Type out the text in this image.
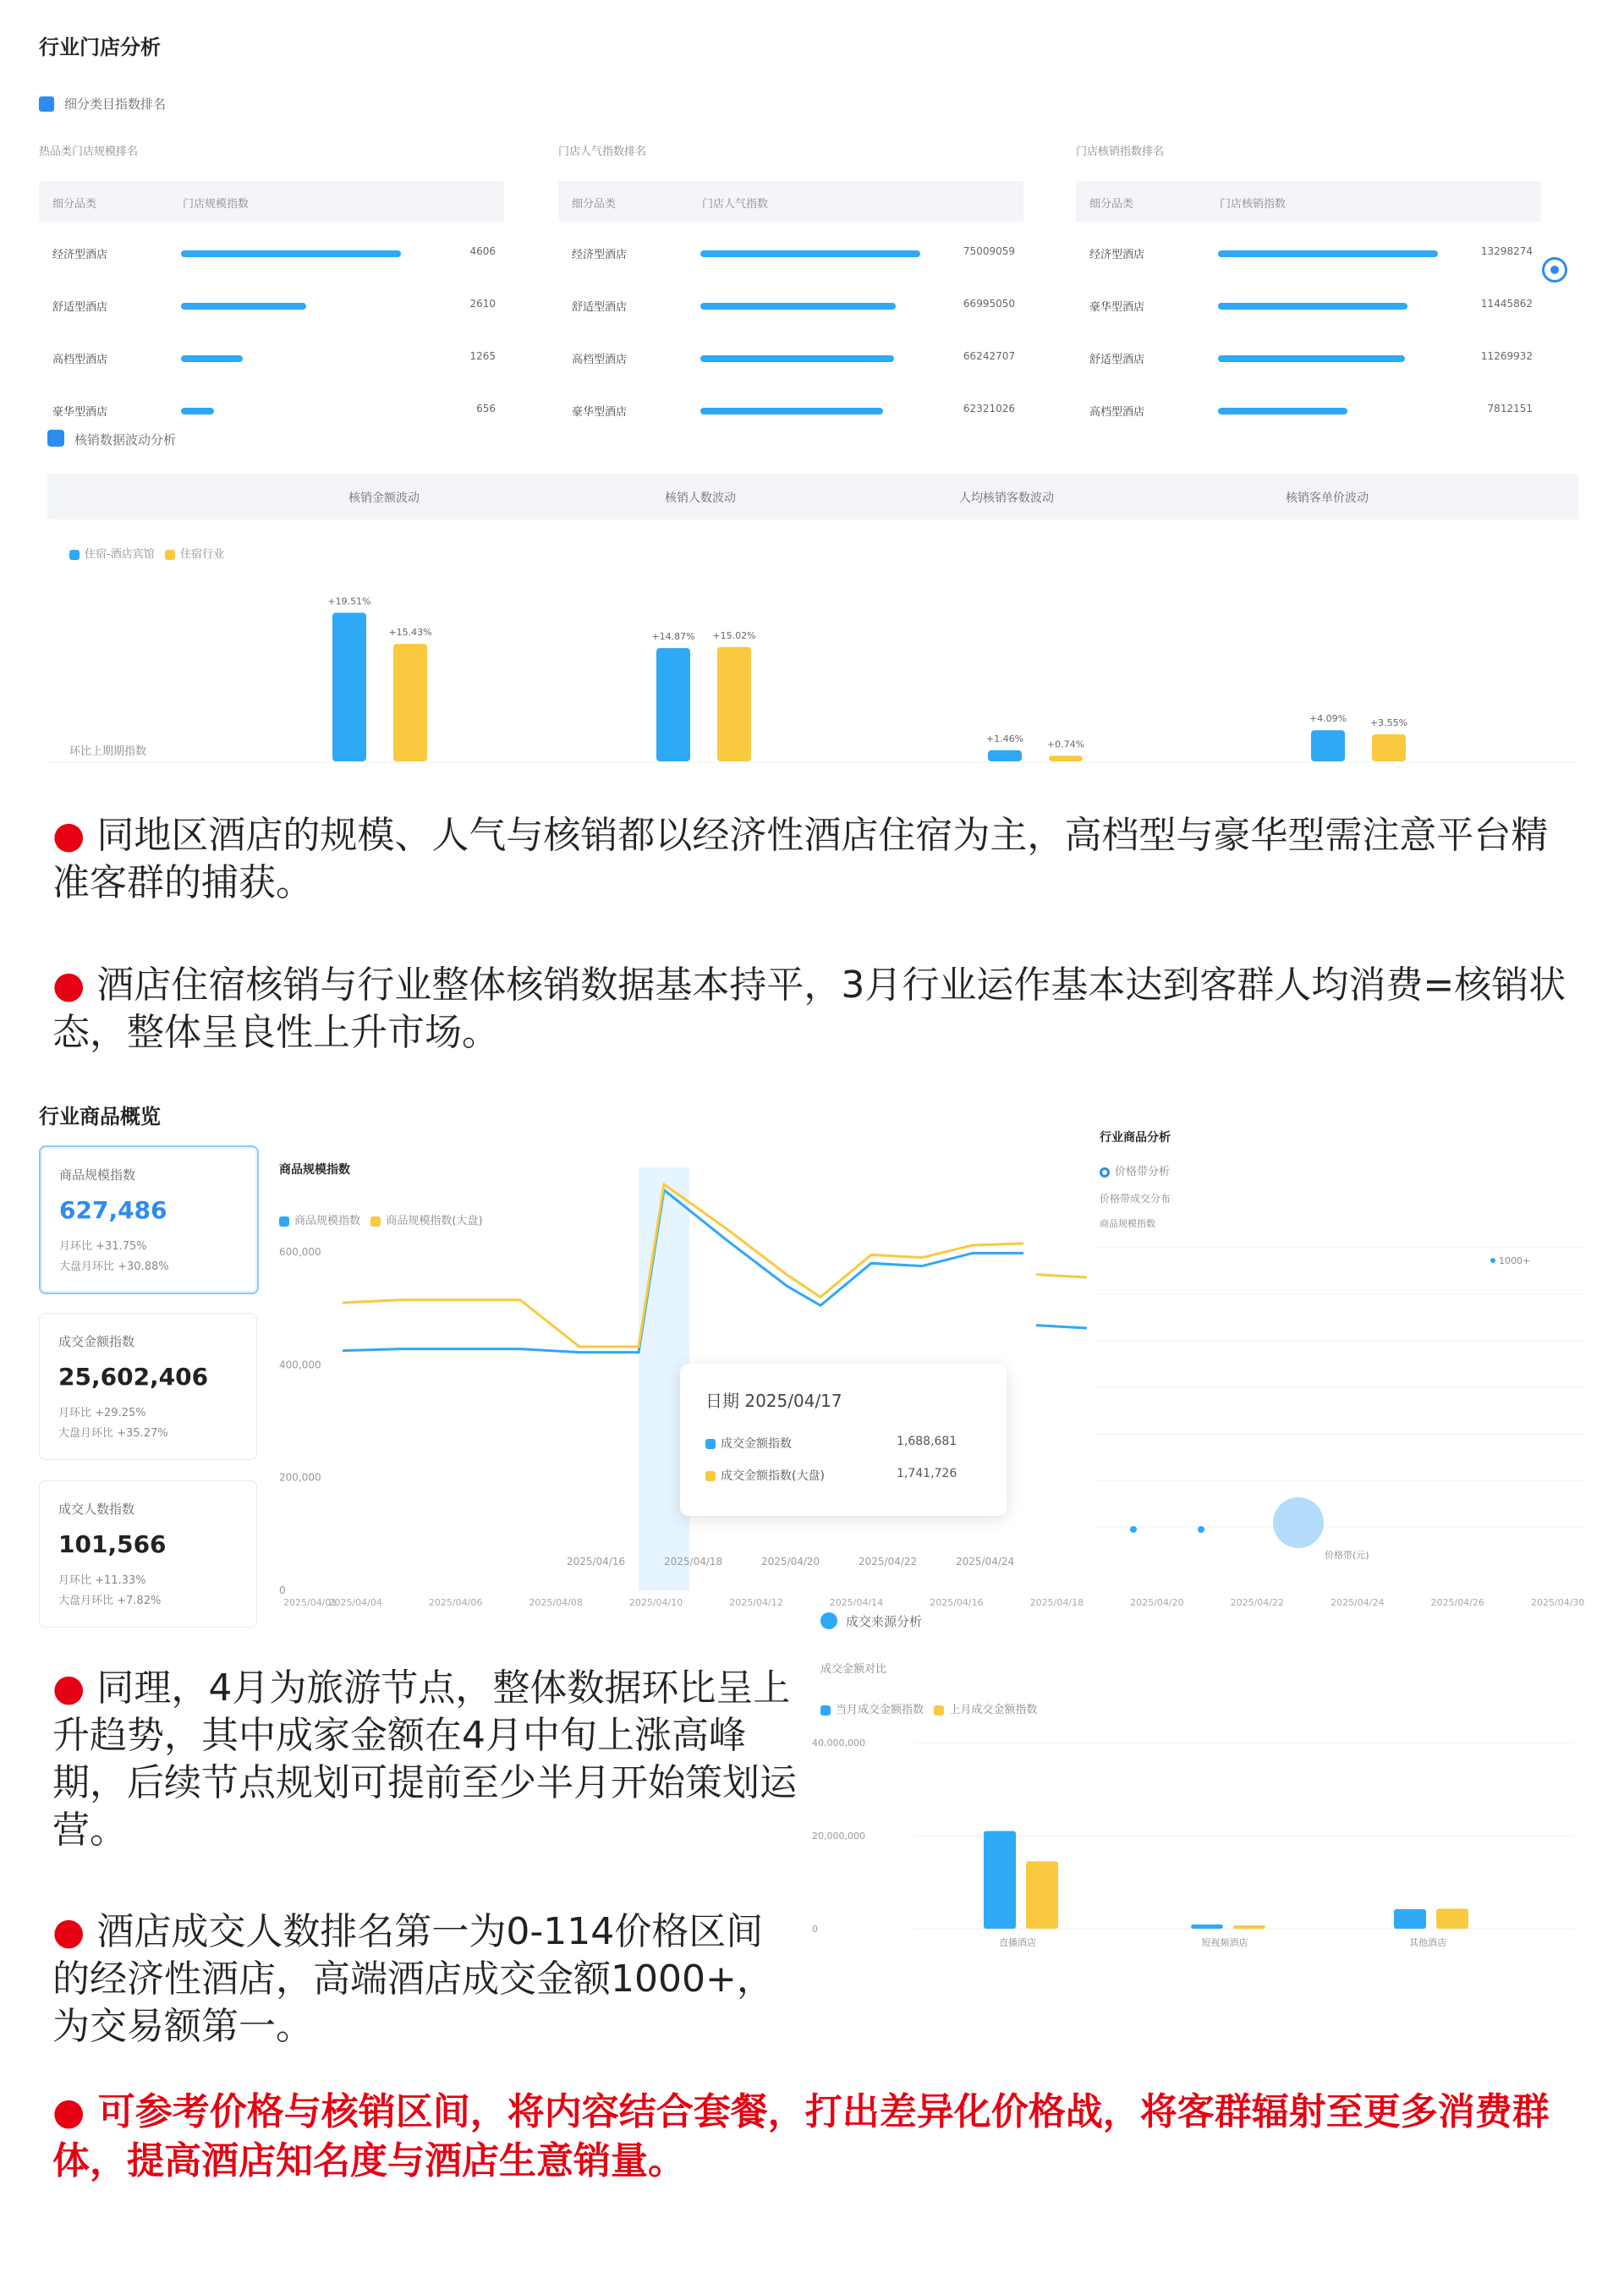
行业门店分析
细分类目指数排名
热品类门店规模排名
细分品类	门店规模指数
经济型酒店	4606
舒适型酒店	2610
高档型酒店	1265
豪华型酒店	656
门店人气指数排名
细分品类	门店人气指数
经济型酒店	75009059
舒适型酒店	66995050
高档型酒店	66242707
豪华型酒店	62321026
门店核销指数排名
细分品类	门店核销指数
经济型酒店	13298274
豪华型酒店	11445862
舒适型酒店	11269932
高档型酒店	7812151
核销数据波动分析
核销金额波动	核销人数波动	人均核销客数波动	核销客单价波动
住宿-酒店宾馆 住宿行业
环比上期期指数
+19.51%
+15.43%	+14.87% +15.02%
+1.46%	+0.74%
+4.09%	+3.55%
● 同地区酒店的规模、人气与核销都以经济性酒店住宿为主，高档型与豪华型需注意平台精准客群的捕获。
● 酒店住宿核销与行业整体核销数据基本持平，3月行业运作基本达到客群人均消费=核销状态，整体呈良性上升市场。
行业商品概览
商品规模指数
627,486
月环比 +31.75%
大盘月环比 +30.88%
成交金额指数
25,602,406
月环比 +29.25%
大盘月环比 +35.27%
成交人数指数
101,566
月环比 +11.33%
大盘月环比 +7.82%
商品规模指数
商品规模指数 商品规模指数(大盘)
600,000
400,000
200,000
0
2025/04/01
2025/04/04	2025/04/06	2025/04/08	2025/04/10	2025/04/12	2025/04/14	2025/04/16	2025/04/18	2025/04/20	2025/04/22	2025/04/24	2025/04/26	2025/04/30
2025/04/16	2025/04/18	2025/04/20	2025/04/22	2025/04/24
日期 2025/04/17
成交金额指数	1,688,681
成交金额指数(大盘)	1,741,726
行业商品分析
价格带分析
价格带成交分布
商品规模指数
1000+
价格带(元)
● 同理，4月为旅游节点，整体数据环比呈上升趋势，其中成家金额在4月中旬上涨高峰期，后续节点规划可提前至少半月开始策划运营。
● 酒店成交人数排名第一为0-114价格区间的经济性酒店，高端酒店成交金额1000+，为交易额第一。
成交来源分析
成交金额对比
当月成交金额指数 上月成交金额指数
40,000,000
20,000,000
0
直播酒店	短视频酒店	其他酒店
● 可参考价格与核销区间，将内容结合套餐，打出差异化价格战，将客群辐射至更多消费群体，提高酒店知名度与酒店生意销量。
